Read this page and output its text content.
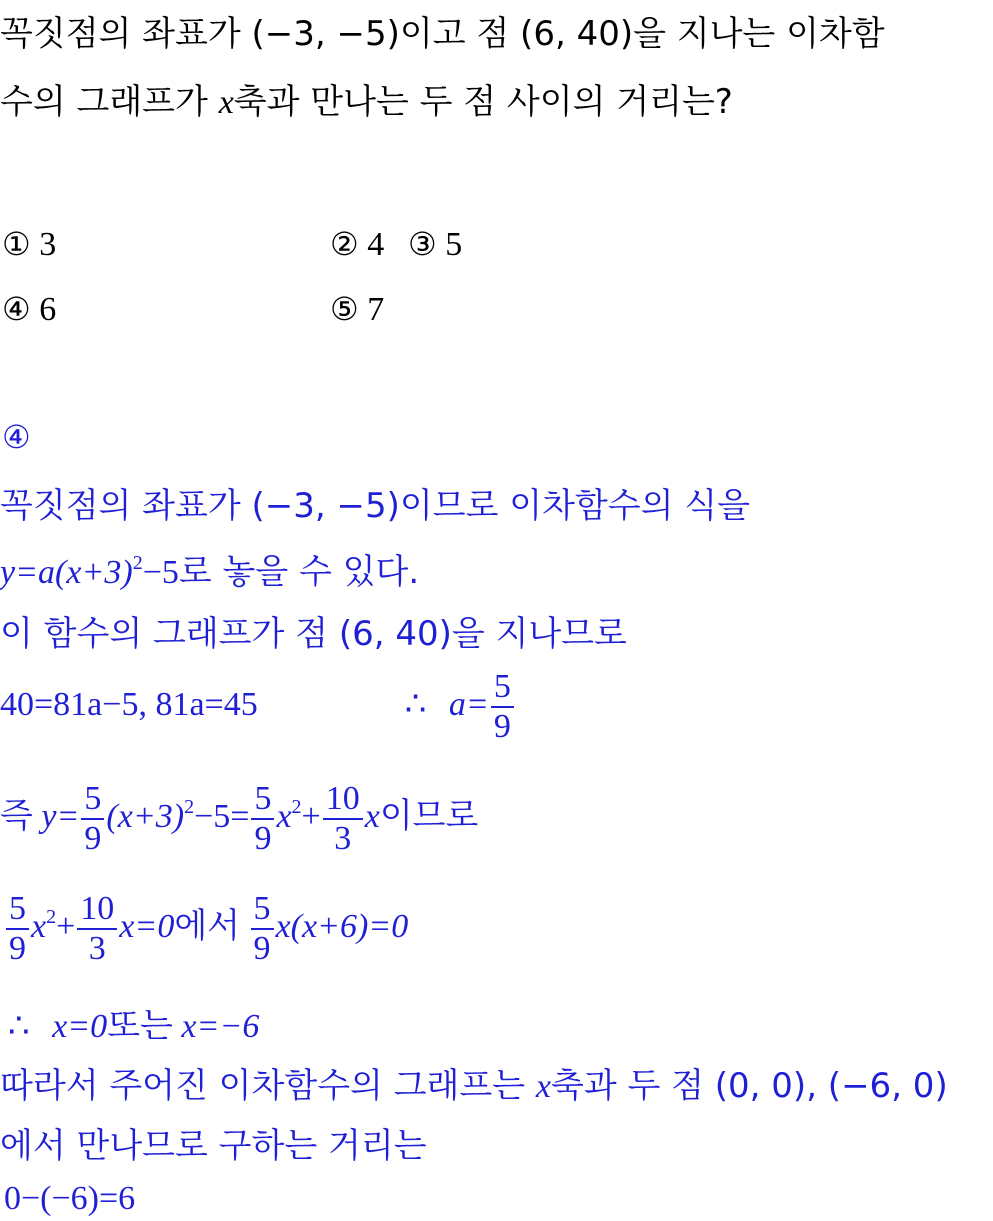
꼭짓점의 좌표가 (−3, −5)이고 점 (6, 40)을 지나는 이차함
수의 그래프가 x축과 만나는 두 점 사이의 거리는?
① 3	② 4 ③ 5
④ 6	⑤ 7
④
꼭짓점의 좌표가 (−3, −5)이므로 이차함수의 식을
$y=a(x+3)^2-5$로 놓을 수 있다.
이 함수의 그래프가 점 (6, 40)을 지나므로
40=81a−5, 81a=45	∴ $a= \frac{5}{9}$
즉 $y= \frac{5}{9} (x+3)^2-5= \frac{5}{9} x^2+ \frac{10}{3}$ x이므로
$\frac{5}{9} x^2+ \frac{10}{3} x=0$에서 $\frac{5}{9} x(x+6)=0$
∴ x=0또는 x=−6
따라서 주어진 이차함수의 그래프는 x축과 두 점 (0, 0), (−6, 0)
에서 만나므로 구하는 거리는
0−(−6)=6
